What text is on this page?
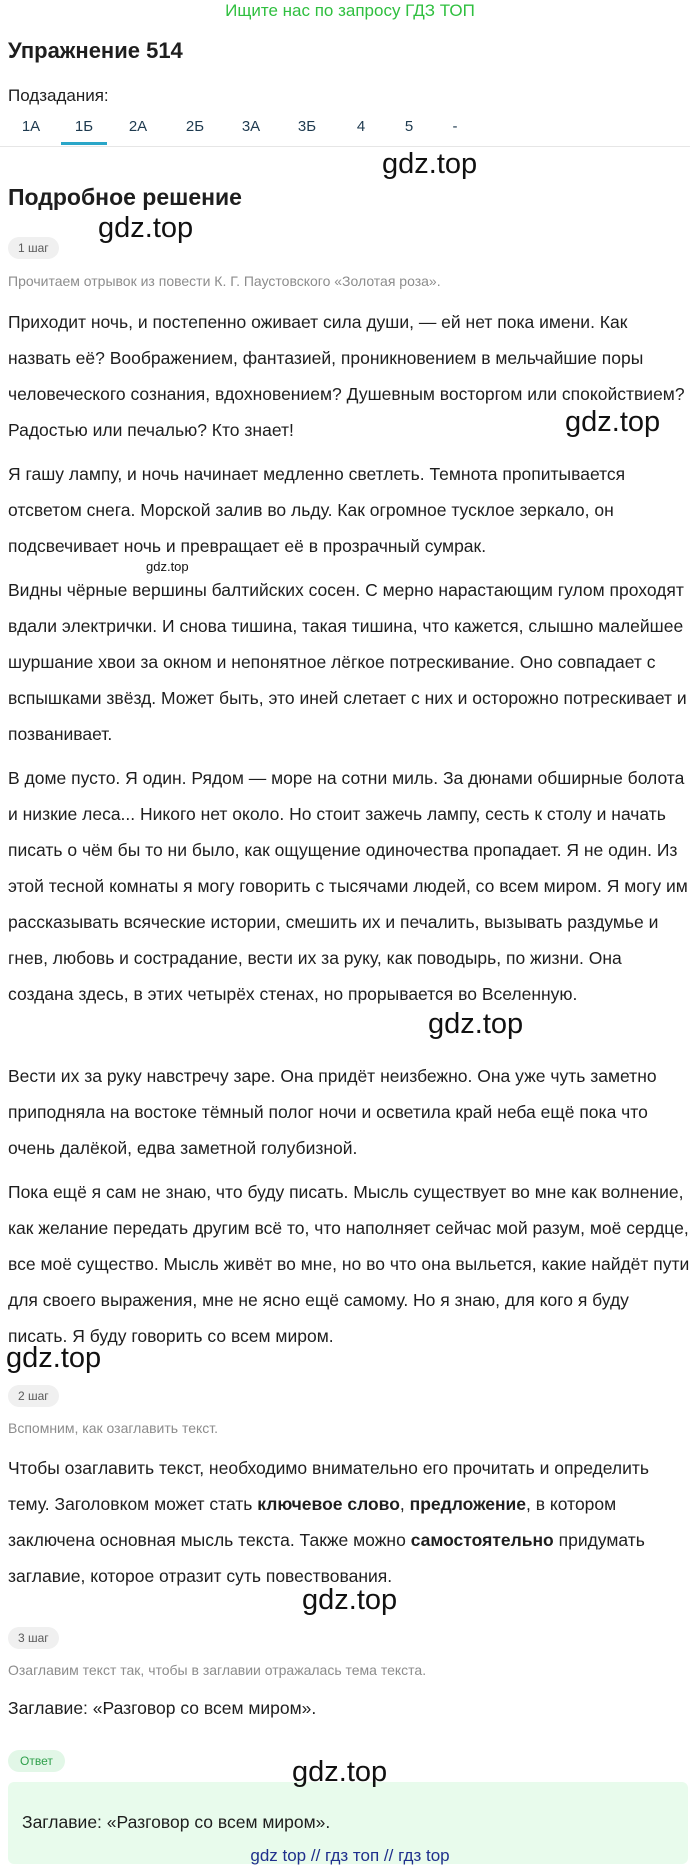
Ищите нас по запросу ГДЗ ТОП
Упражнение 514
Подзадания:
1А	1Б	2А	2Б	3А	3Б	4	5	-
gdz.top
Подробное решение
gdz.top
1 шаг
Прочитаем отрывок из повести К. Г. Паустовского «Золотая роза».

Приходит ночь, и постепенно оживает сила души, — ей нет пока имени. Как назвать её? Воображением, фантазией, проникновением в мельчайшие поры человеческого сознания, вдохновением? Душевным восторгом или спокойствием? Радостью или печалью? Кто знает!	gdz.top

Я гашу лампу, и ночь начинает медленно светлеть. Темнота пропитывается отсветом снега. Морской залив во льду. Как огромное тусклое зеркало, он подсвечивает ночь и превращает её в прозрачный сумрак.

gdz.top

Видны чёрные вершины балтийских сосен. С мерно нарастающим гулом проходят вдали электрички. И снова тишина, такая тишина, что кажется, слышно малейшее шуршание хвои за окном и непонятное лёгкое потрескивание. Оно совпадает с вспышками звёзд. Может быть, это иней слетает с них и осторожно потрескивает и позванивает.

В доме пусто. Я один. Рядом — море на сотни миль. За дюнами обширные болота и низкие леса... Никого нет около. Но стоит зажечь лампу, сесть к столу и начать писать о чём бы то ни было, как ощущение одиночества пропадает. Я не один. Из этой тесной комнаты я могу говорить с тысячами людей, со всем миром. Я могу им рассказывать всяческие истории, смешить их и печалить, вызывать раздумье и гнев, любовь и сострадание, вести их за руку, как поводырь, по жизни. Она создана здесь, в этих четырёх стенах, но прорывается во Вселенную.

gdz.top

Вести их за руку навстречу заре. Она придёт неизбежно. Она уже чуть заметно приподняла на востоке тёмный полог ночи и осветила край неба ещё пока что очень далёкой, едва заметной голубизной.

Пока ещё я сам не знаю, что буду писать. Мысль существует во мне как волнение, как желание передать другим всё то, что наполняет сейчас мой разум, моё сердце, все моё существо. Мысль живёт во мне, но во что она выльется, какие найдёт пути для своего выражения, мне не ясно ещё самому. Но я знаю, для кого я буду писать. Я буду говорить со всем миром.

gdz.top
2 шаг
Вспомним, как озаглавить текст.

Чтобы озаглавить текст, необходимо внимательно его прочитать и определить тему. Заголовком может стать ключевое слово, предложение, в котором заключена основная мысль текста. Также можно самостоятельно придумать заглавие, которое отразит суть повествования.

gdz.top
3 шаг
Озаглавим текст так, чтобы в заглавии отражалась тема текста.

Заглавие: «Разговор со всем миром».

Ответ	gdz.top
Заглавие: «Разговор со всем миром».
gdz top // гдз топ // гдз top
